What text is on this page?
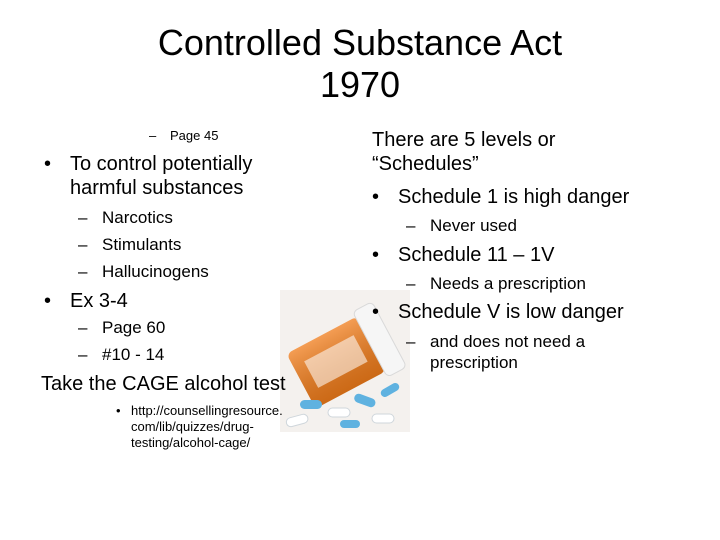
Controlled Substance Act
1970
– Page 45
• To control potentially
harmful substances
– Narcotics
– Stimulants
– Hallucinogens
• Ex 3-4
– Page 60
– #10 - 14
Take the CAGE alcohol test
• http://counsellingresource.
com/lib/quizzes/drug-
testing/alcohol-cage/
There are 5 levels or
“Schedules”
• Schedule 1 is high danger
– Never used
• Schedule 11 – 1V
– Needs a prescription
• Schedule V is low danger
– and does not need a
prescription
